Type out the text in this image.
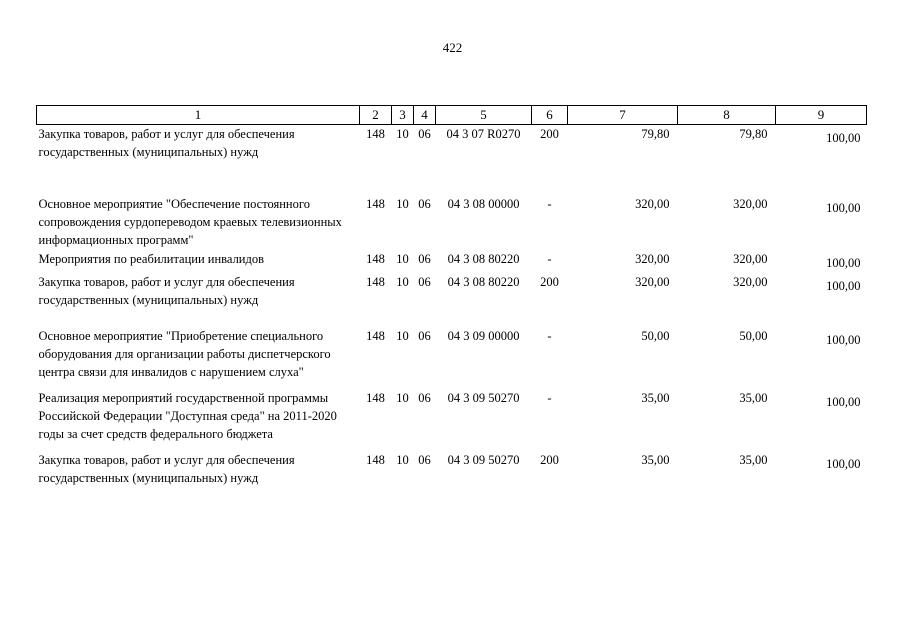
422
1	2	3	4	5	6	7	8	9
Закупка товаров, работ и услуг для обеспечения государственных (муниципальных) нужд	148	10	06	04 3 07 R0270	200	79,80	79,80	100,00
Основное мероприятие "Обеспечение постоянного сопровождения сурдопереводом краевых телевизионных информационных программ"	148	10	06	04 3 08 00000	-	320,00	320,00	100,00
Мероприятия по реабилитации инвалидов	148	10	06	04 3 08 80220	-	320,00	320,00	100,00
Закупка товаров, работ и услуг для обеспечения государственных (муниципальных) нужд	148	10	06	04 3 08 80220	200	320,00	320,00	100,00
Основное мероприятие "Приобретение специального оборудования для организации работы диспетчерского центра связи для инвалидов с нарушением слуха"	148	10	06	04 3 09 00000	-	50,00	50,00	100,00
Реализация мероприятий государственной программы Российской Федерации "Доступная среда" на 2011-2020 годы за счет средств федерального бюджета	148	10	06	04 3 09 50270	-	35,00	35,00	100,00
Закупка товаров, работ и услуг для обеспечения государственных (муниципальных) нужд	148	10	06	04 3 09 50270	200	35,00	35,00	100,00
